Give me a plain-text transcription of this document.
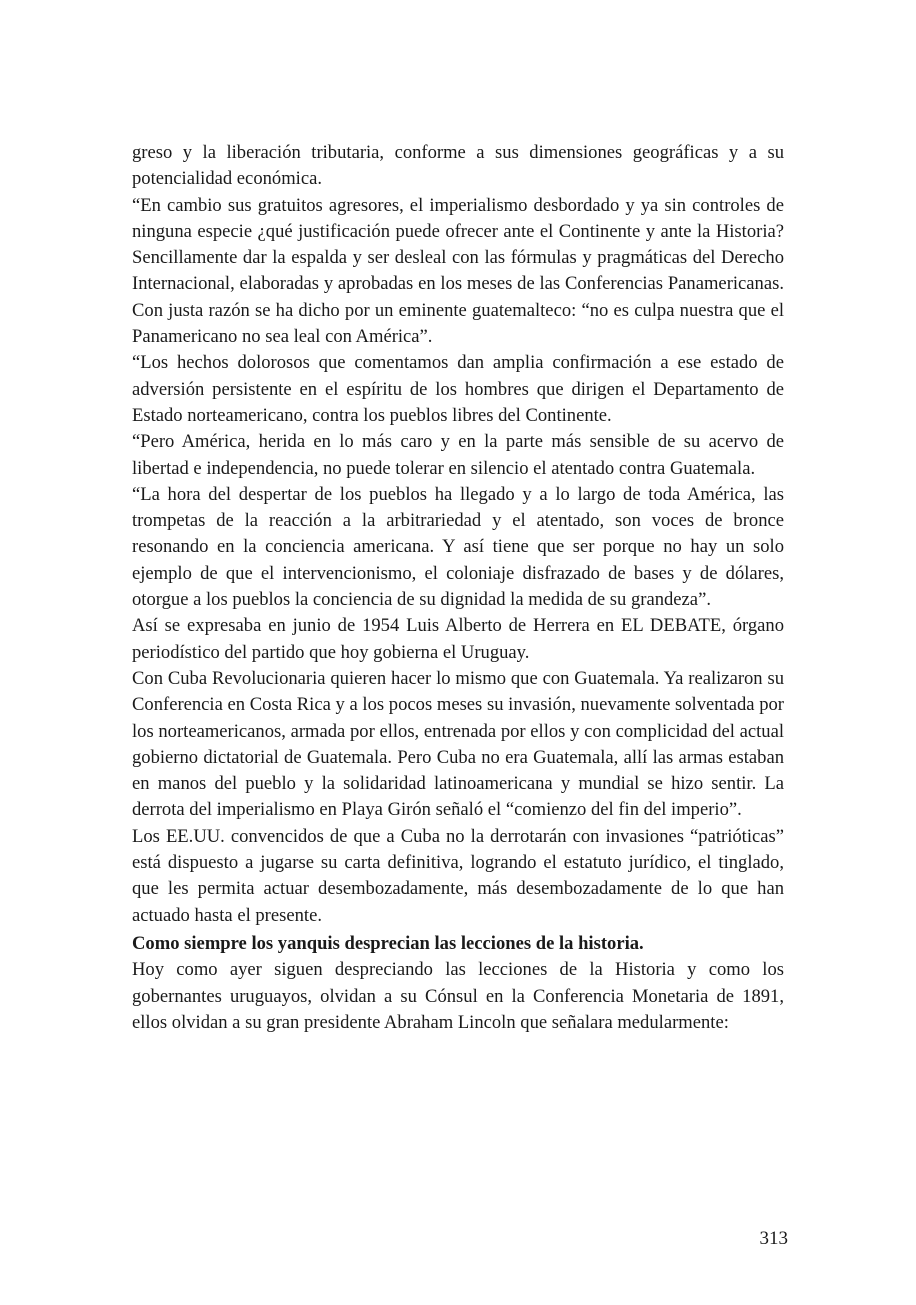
greso y la liberación tributaria, conforme a sus dimensiones geográficas y a su potencialidad económica.

“En cambio sus gratuitos agresores, el imperialismo desbordado y ya sin controles de ninguna especie ¿qué justificación puede ofrecer ante el Continente y ante la Historia? Sencillamente dar la espalda y ser desleal con las fórmulas y pragmáticas del Derecho Internacional, elaboradas y aprobadas en los meses de las Conferencias Panamericanas. Con justa razón se ha dicho por un eminente guatemalteco: “no es culpa nuestra que el Panamericano no sea leal con América”.

“Los hechos dolorosos que comentamos dan amplia confirmación a ese estado de adversión persistente en el espíritu de los hombres que dirigen el Departamento de Estado norteamericano, contra los pueblos libres del Continente.

“Pero América, herida en lo más caro y en la parte más sensible de su acervo de libertad e independencia, no puede tolerar en silencio el atentado contra Guatemala.

“La hora del despertar de los pueblos ha llegado y a lo largo de toda América, las trompetas de la reacción a la arbitrariedad y el atentado, son voces de bronce resonando en la conciencia americana. Y así tiene que ser porque no hay un solo ejemplo de que el intervencionismo, el coloniaje disfrazado de bases y de dólares, otorgue a los pueblos la conciencia de su dignidad la medida de su grandeza”.

Así se expresaba en junio de 1954 Luis Alberto de Herrera en EL DEBATE, órgano periodístico del partido que hoy gobierna el Uruguay.

Con Cuba Revolucionaria quieren hacer lo mismo que con Guatemala. Ya realizaron su Conferencia en Costa Rica y a los pocos meses su invasión, nuevamente solventada por los norteamericanos, armada por ellos, entrenada por ellos y con complicidad del actual gobierno dictatorial de Guatemala. Pero Cuba no era Guatemala, allí las armas estaban en manos del pueblo y la solidaridad latinoamericana y mundial se hizo sentir. La derrota del imperialismo en Playa Girón señaló el “comienzo del fin del imperio”.

Los EE.UU. convencidos de que a Cuba no la derrotarán con invasiones “patrióticas” está dispuesto a jugarse su carta definitiva, logrando el estatuto jurídico, el tinglado, que les permita actuar desembozadamente, más desembozadamente de lo que han actuado hasta el presente.

Como siempre los yanquis desprecian las lecciones de la historia.

Hoy como ayer siguen despreciando las lecciones de la Historia y como los gobernantes uruguayos, olvidan a su Cónsul en la Conferencia Monetaria de 1891, ellos olvidan a su gran presidente Abraham Lincoln que señalara medularmente:

313
